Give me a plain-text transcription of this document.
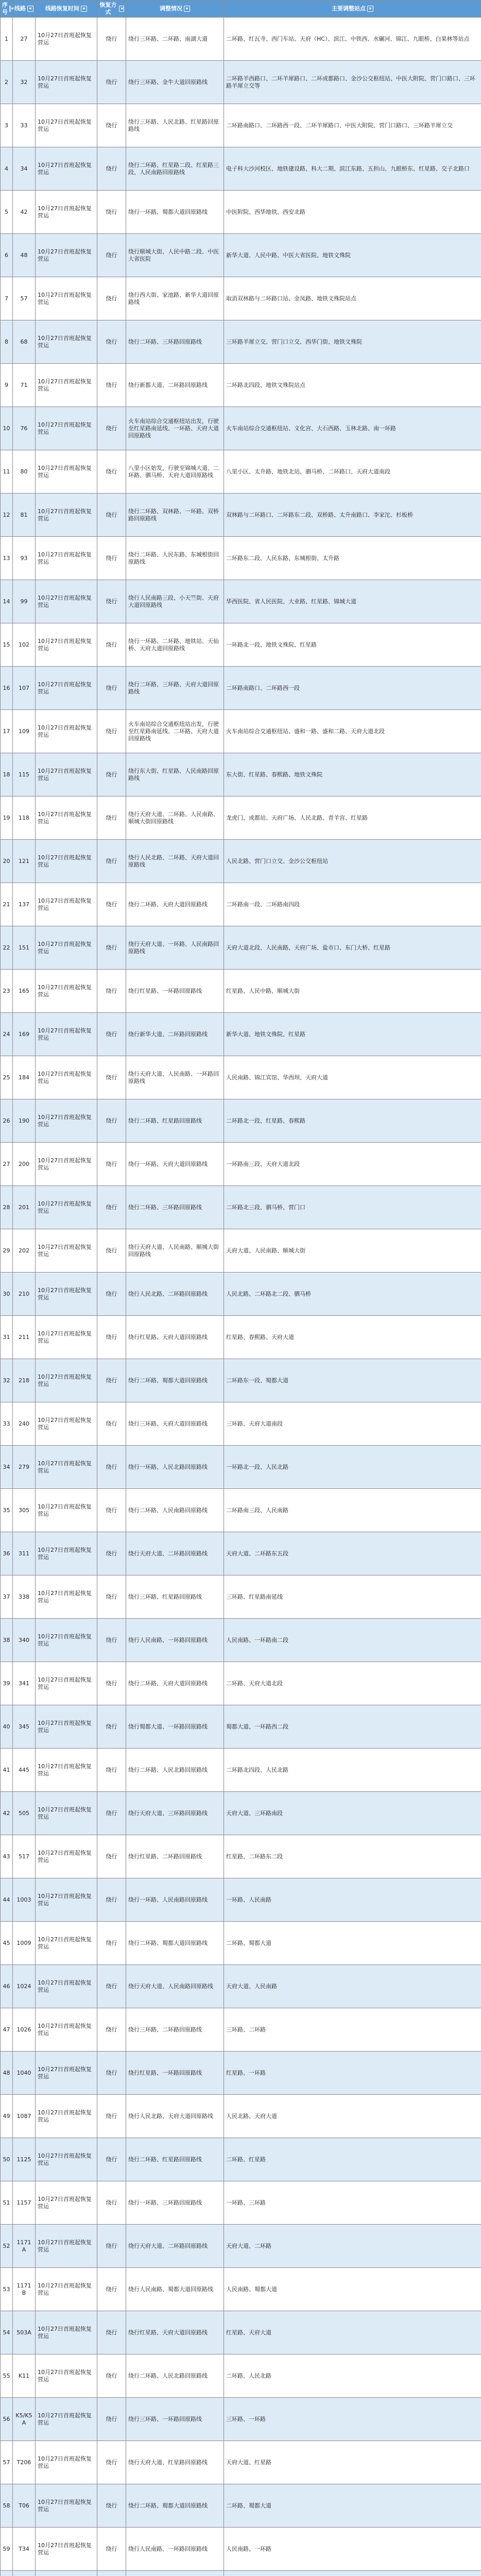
序号	线路	线路恢复时间	恢复方式	调整情况	主要调整站点

1	27	10月27日首班起恢复营运	绕行	绕行三环路、二环路、南湖大道	二环路、红瓦寺、西门车站、天府（HC）、滨江、中铁西、水碾河、锦江、九眼桥、白果林等站点
2	32	10月27日首班起恢复营运	绕行	绕行三环路、金牛大道回原路线	二环路羊西路口、二环羊犀路口、二环成都路口、金沙公交枢纽站、中医大附院、营门口路口、三环路羊犀立交等
3	33	10月27日首班起恢复营运	绕行	绕行三环路、人民北路、红星路回原路线	二环路南路口、二环路西一段、二环羊犀路口、中医大附院、营门口路口、三环路羊犀立交
4	34	10月27日首班起恢复营运	绕行	绕行二环路、红星路二段、红星路三段、人民南路回原路线	电子科大沙河校区、地铁建设路、科大二期、滨江东路、五担山、九眼桥东、红星路、交子北路口
5	42	10月27日首班起恢复营运	绕行	绕行一环路、蜀都大道回原路线	中医附院、西华地铁、西安北路
6	48	10月27日首班起恢复营运	绕行	绕行顺城大街、人民中路二段、中医大省医院	新华大道、人民中路、中医大省医院、地铁文殊院
7	57	10月27日首班起恢复营运	绕行	绕行西大街、家池路、新华大道回原路线	取消双林路与二环路口站、金凤路、地铁文殊院站点
8	68	10月27日首班起恢复营运	绕行	绕行二环路、三环路回原路线	三环路羊犀立交、营门口立交、西华门街、地铁文殊院
9	71	10月27日首班起恢复营运	绕行	绕行新都大道、二环路回原路线	二环路北四段、地铁文殊院站点
10	76	10月27日首班起恢复营运	绕行	火车南站综合交通枢纽站出发，行驶至红星路南延线、一环路、天府大道回原路线	火车南站综合交通枢纽站、文化宫、大石西路、玉林北路、南一环路
11	80	10月27日首班起恢复营运	绕行	八里小区始发，行驶至锦城大道、二环路、驷马桥、天府大道回原路线	八里小区、太升路、地铁北站、驷马桥、二环路口、天府大道南段
12	81	10月27日首班起恢复营运	绕行	绕行二环路、双林路、一环路、双桥路回原路线	双林路与二环路口、二环路东二段、双桥路、太升南路口、李家沱、杉板桥
13	93	10月27日首班起恢复营运	绕行	绕行二环路、人民东路、东城根街回原路线	二环路东二段、人民东路、东城根街、太升路
14	99	10月27日首班起恢复营运	绕行	绕行人民南路三段、小天竺街、天府大道回原路线	华西医院、省人民医院、大业路、红星路、锦城大道
15	102	10月27日首班起恢复营运	绕行	绕行一环路、二环路、地铁站、天仙桥、天府大道回原路线	一环路北一段、地铁文殊院、红星路
16	107	10月27日首班起恢复营运	绕行	绕行二环路、三环路、天府大道回原路线	二环路南路口、二环路西一段
17	109	10月27日首班起恢复营运	绕行	火车南站综合交通枢纽站出发，行驶至红星路南延线、二环路、天府大道回原路线	火车南站综合交通枢纽站、盛和一路、盛和二路、天府大道北段
18	115	10月27日首班起恢复营运	绕行	绕行东大街、红星路、人民南路回原路线	东大街、红星路、春熙路、地铁文殊院
19	118	10月27日首班起恢复营运	绕行	绕行天府大道、二环路、人民南路、顺城大街回原路线	龙虎门、成都站、天府广场、人民北路、青羊宫、红星路
20	121	10月27日首班起恢复营运	绕行	绕行人民北路、二环路、天府大道回原路线	人民北路、营门口立交、金沙公交枢纽站
21	137	10月27日首班起恢复营运	绕行	绕行二环路、天府大道回原路线	二环路南一段、二环路南四段
22	151	10月27日首班起恢复营运	绕行	绕行天府大道、一环路、人民南路回原路线	天府大道北段、人民南路、天府广场、盐市口、东门大桥、红星路
23	165	10月27日首班起恢复营运	绕行	绕行红星路、一环路回原路线	红星路、人民中路、顺城大街
24	169	10月27日首班起恢复营运	绕行	绕行新华大道、二环路回原路线	新华大道、地铁文殊院、红星路
25	184	10月27日首班起恢复营运	绕行	绕行天府大道、人民南路、一环路回原路线	人民南路、锦江宾馆、华西坝、天府大道
26	190	10月27日首班起恢复营运	绕行	绕行二环路、红星路回原路线	二环路北一段、红星路、春熙路
27	200	10月27日首班起恢复营运	绕行	绕行一环路、天府大道回原路线	一环路南三段、天府大道北段
28	201	10月27日首班起恢复营运	绕行	绕行二环路、三环路回原路线	二环路北三段、驷马桥、营门口
29	202	10月27日首班起恢复营运	绕行	绕行天府大道、人民南路、顺城大街回原路线	天府大道、人民南路、顺城大街
30	210	10月27日首班起恢复营运	绕行	绕行人民北路、二环路回原路线	人民北路、二环路北二段、驷马桥
31	211	10月27日首班起恢复营运	绕行	绕行红星路、天府大道回原路线	红星路、春熙路、天府大道
32	218	10月27日首班起恢复营运	绕行	绕行二环路、蜀都大道回原路线	二环路东一段、蜀都大道
33	240	10月27日首班起恢复营运	绕行	绕行三环路、天府大道回原路线	三环路、天府大道南段
34	279	10月27日首班起恢复营运	绕行	绕行一环路、人民北路回原路线	一环路北一段、人民北路
35	305	10月27日首班起恢复营运	绕行	绕行二环路、人民南路回原路线	二环路南三段、人民南路
36	311	10月27日首班起恢复营运	绕行	绕行天府大道、二环路回原路线	天府大道、二环路东五段
37	338	10月27日首班起恢复营运	绕行	绕行三环路、红星路回原路线	三环路、红星路南延线
38	340	10月27日首班起恢复营运	绕行	绕行人民南路、一环路回原路线	人民南路、一环路南二段
39	341	10月27日首班起恢复营运	绕行	绕行二环路、天府大道回原路线	二环路、天府大道北段
40	345	10月27日首班起恢复营运	绕行	绕行蜀都大道、一环路回原路线	蜀都大道、一环路西二段
41	445	10月27日首班起恢复营运	绕行	绕行二环路、人民北路回原路线	二环路北四段、人民北路
42	505	10月27日首班起恢复营运	绕行	绕行天府大道、三环路回原路线	天府大道、三环路南段
43	517	10月27日首班起恢复营运	绕行	绕行红星路、二环路回原路线	红星路、二环路东二段
44	1003	10月27日首班起恢复营运	绕行	绕行一环路、人民南路回原路线	一环路、人民南路
45	1009	10月27日首班起恢复营运	绕行	绕行二环路、蜀都大道回原路线	二环路、蜀都大道
46	1024	10月27日首班起恢复营运	绕行	绕行天府大道、人民南路回原路线	天府大道、人民南路
47	1026	10月27日首班起恢复营运	绕行	绕行三环路、二环路回原路线	三环路、二环路
48	1040	10月27日首班起恢复营运	绕行	绕行红星路、一环路回原路线	红星路、一环路
49	1087	10月27日首班起恢复营运	绕行	绕行人民北路、天府大道回原路线	人民北路、天府大道
50	1125	10月27日首班起恢复营运	绕行	绕行二环路、红星路回原路线	二环路、红星路
51	1157	10月27日首班起恢复营运	绕行	绕行一环路、三环路回原路线	一环路、三环路
52	1171A	10月27日首班起恢复营运	绕行	绕行天府大道、二环路回原路线	天府大道、二环路
53	1171B	10月27日首班起恢复营运	绕行	绕行人民南路、蜀都大道回原路线	人民南路、蜀都大道
54	503A	10月27日首班起恢复营运	绕行	绕行红星路、天府大道回原路线	红星路、天府大道
55	K11	10月27日首班起恢复营运	绕行	绕行二环路、人民北路回原路线	二环路、人民北路
56	K5/K5A	10月27日首班起恢复营运	绕行	绕行三环路、一环路回原路线	三环路、一环路
57	T206	10月27日首班起恢复营运	绕行	绕行天府大道、红星路回原路线	天府大道、红星路
58	T06	10月27日首班起恢复营运	绕行	绕行二环路、蜀都大道回原路线	二环路、蜀都大道
59	T34	10月27日首班起恢复营运	绕行	绕行人民南路、一环路回原路线	人民南路、一环路
